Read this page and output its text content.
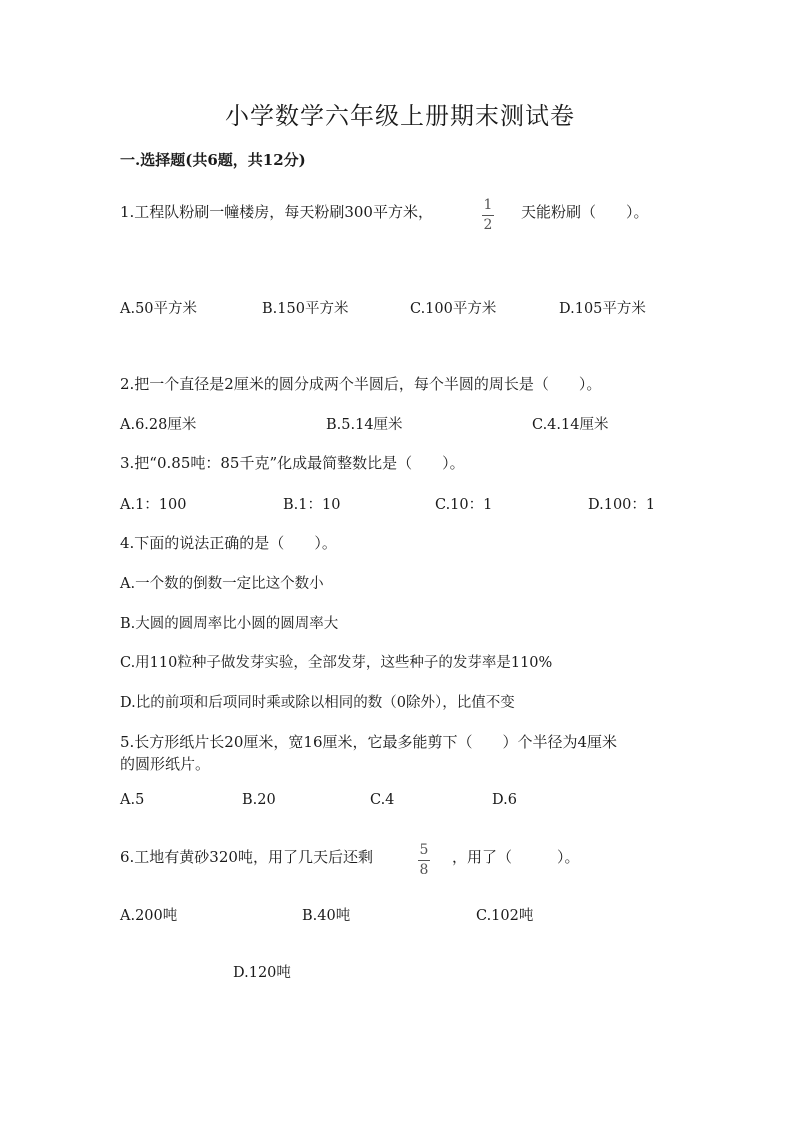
小学数学六年级上册期末测试卷
一.选择题(共6题，共12分)
1.工程队粉刷一幢楼房，每天粉刷300平方米，	1
2
天能粉刷（　　）。
A.50平方米	B.150平方米	C.100平方米	D.105平方米
2.把一个直径是2厘米的圆分成两个半圆后，每个半圆的周长是（　　）。
A.6.28厘米	B.5.14厘米	C.4.14厘米
3.把“0.85吨：85千克”化成最简整数比是（　　）。
A.1：100	B.1：10	C.10：1	D.100：1
4.下面的说法正确的是（　　）。
A.一个数的倒数一定比这个数小
B.大圆的圆周率比小圆的圆周率大
C.用110粒种子做发芽实验，全部发芽，这些种子的发芽率是110%
D.比的前项和后项同时乘或除以相同的数（0除外），比值不变
5.长方形纸片长20厘米，宽16厘米，它最多能剪下（　　）个半径为4厘米
的圆形纸片。
A.5	B.20	C.4	D.6
6.工地有黄砂320吨，用了几天后还剩	5
8
，用了（　　　）。
A.200吨	B.40吨	C.102吨
D.120吨
